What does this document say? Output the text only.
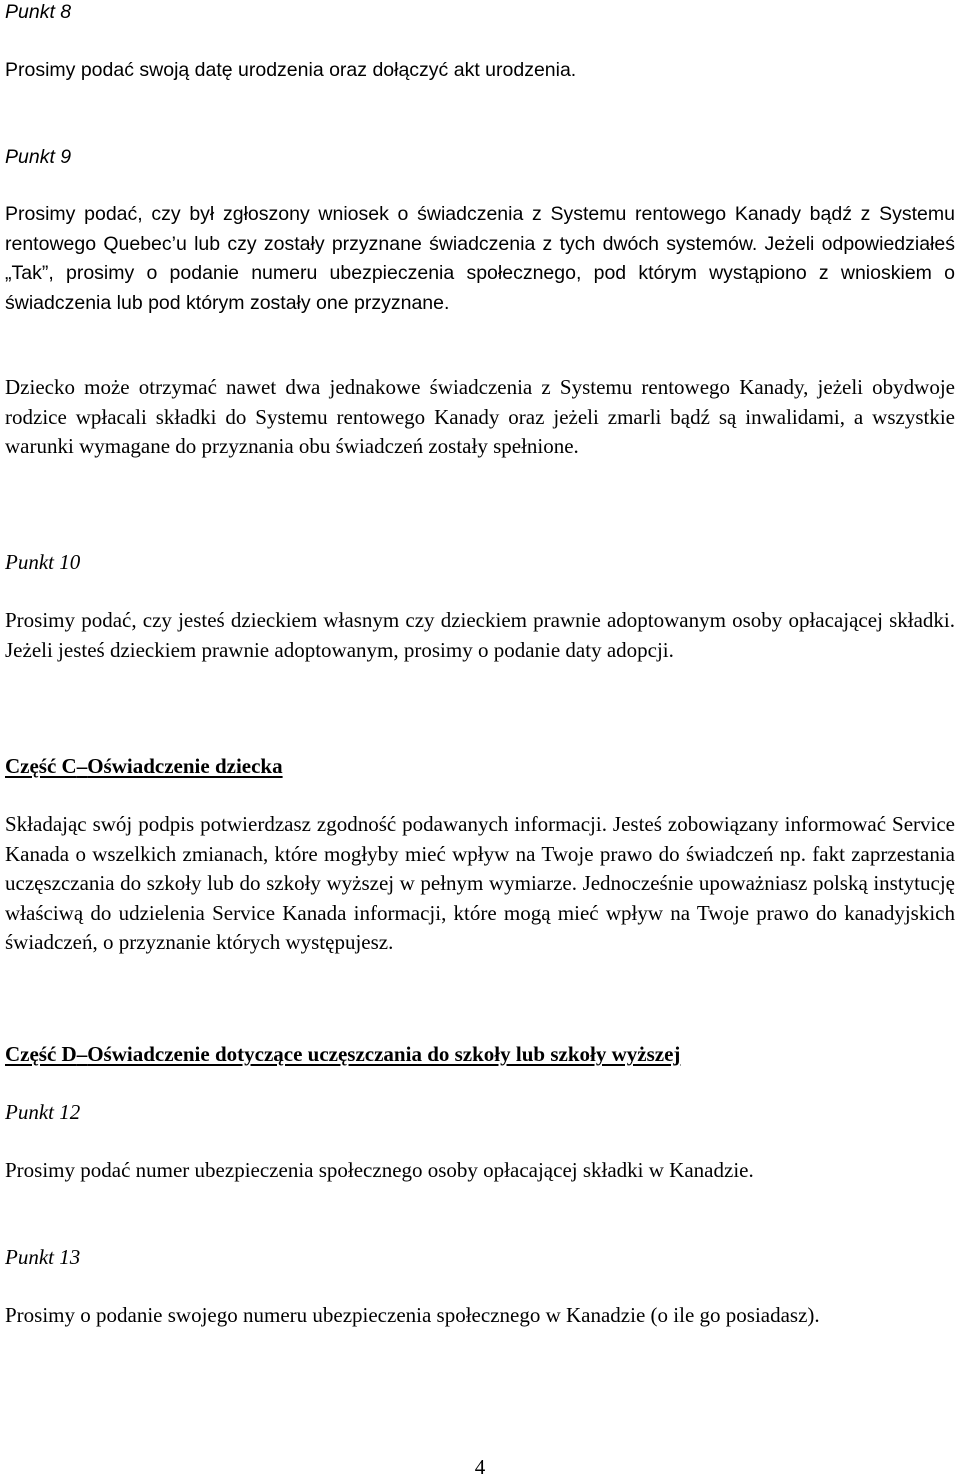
Punkt 8

Prosimy podać swoją datę urodzenia oraz dołączyć akt urodzenia.

Punkt 9

Prosimy podać, czy był zgłoszony wniosek o świadczenia z Systemu rentowego Kanady bądź z Systemu rentowego Quebec’u lub czy zostały przyznane świadczenia z tych dwóch systemów. Jeżeli odpowiedziałeś „Tak”, prosimy o podanie numeru ubezpieczenia społecznego, pod którym wystąpiono z wnioskiem o świadczenia lub pod którym zostały one przyznane.

Dziecko może otrzymać nawet dwa jednakowe świadczenia z Systemu rentowego Kanady, jeżeli obydwoje rodzice wpłacali składki do Systemu rentowego Kanady oraz jeżeli zmarli bądź są inwalidami, a wszystkie warunki wymagane do przyznania obu świadczeń zostały spełnione.

Punkt 10

Prosimy podać, czy jesteś dzieckiem własnym czy dzieckiem prawnie adoptowanym osoby opłacającej składki. Jeżeli jesteś dzieckiem prawnie adoptowanym, prosimy o podanie daty adopcji.

Część C–Oświadczenie dziecka

Składając swój podpis potwierdzasz zgodność podawanych informacji. Jesteś zobowiązany informować Service Kanada o wszelkich zmianach, które mogłyby mieć wpływ na Twoje prawo do świadczeń np. fakt zaprzestania uczęszczania do szkoły lub do szkoły wyższej w pełnym wymiarze. Jednocześnie upoważniasz polską instytucję właściwą do udzielenia Service Kanada informacji, które mogą mieć wpływ na Twoje prawo do kanadyjskich świadczeń, o przyznanie których występujesz.

Część D–Oświadczenie dotyczące uczęszczania do szkoły lub szkoły wyższej

Punkt 12

Prosimy podać numer ubezpieczenia społecznego osoby opłacającej składki w Kanadzie.

Punkt 13

Prosimy o podanie swojego numeru ubezpieczenia społecznego w Kanadzie (o ile go posiadasz).

4
